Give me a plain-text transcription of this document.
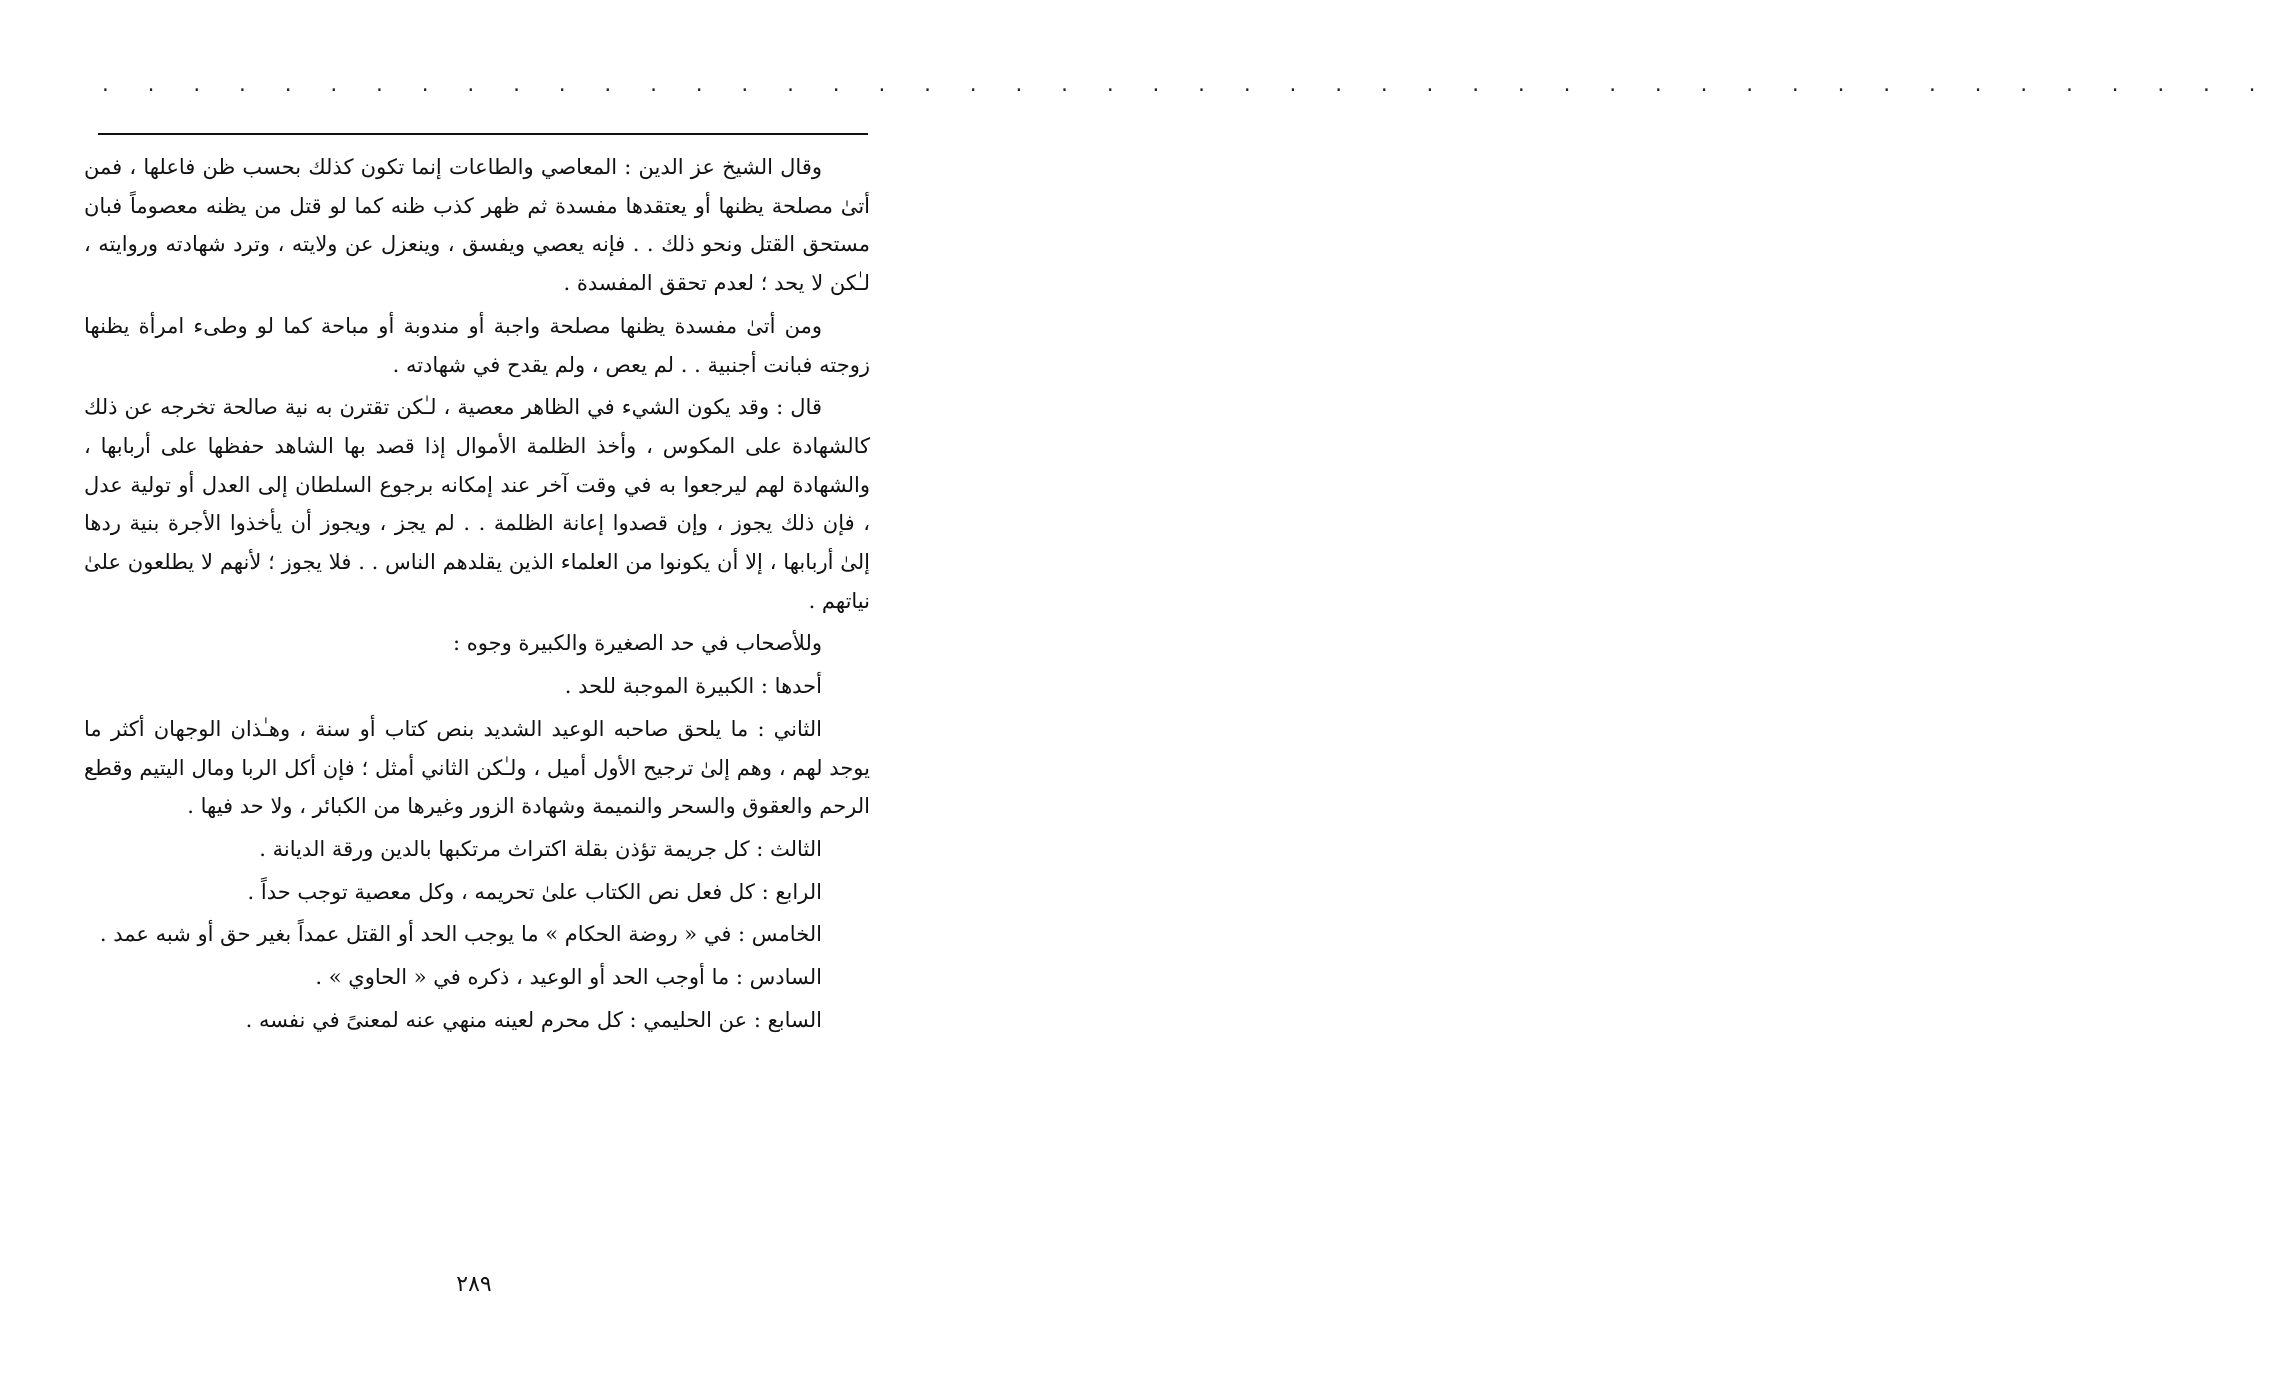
· · · · · · · · · · · · · · · · · · · · · · · · · · · · · · · · · · · · · · · · · · · · · · · ·

وقال الشيخ عز الدين : المعاصي والطاعات إنما تكون كذلك بحسب ظن فاعلها ، فمن أتىٰ مصلحة يظنها أو يعتقدها مفسدة ثم ظهر كذب ظنه كما لو قتل من يظنه معصوماً فبان مستحق القتل ونحو ذلك . . فإنه يعصي ويفسق ، وينعزل عن ولايته ، وترد شهادته وروايته ، لـٰكن لا يحد ؛ لعدم تحقق المفسدة .

ومن أتىٰ مفسدة يظنها مصلحة واجبة أو مندوبة أو مباحة كما لو وطىء امرأة يظنها زوجته فبانت أجنبية . . لم يعص ، ولم يقدح في شهادته .

قال : وقد يكون الشيء في الظاهر معصية ، لـٰكن تقترن به نية صالحة تخرجه عن ذلك كالشهادة على المكوس ، وأخذ الظلمة الأموال إذا قصد بها الشاهد حفظها على أربابها ، والشهادة لهم ليرجعوا به في وقت آخر عند إمكانه برجوع السلطان إلى العدل أو تولية عدل ، فإن ذلك يجوز ، وإن قصدوا إعانة الظلمة . . لم يجز ، ويجوز أن يأخذوا الأجرة بنية ردها إلىٰ أربابها ، إلا أن يكونوا من العلماء الذين يقلدهم الناس . . فلا يجوز ؛ لأنهم لا يطلعون علىٰ نياتهم .

وللأصحاب في حد الصغيرة والكبيرة وجوه :

أحدها : الكبيرة الموجبة للحد .

الثاني : ما يلحق صاحبه الوعيد الشديد بنص كتاب أو سنة ، وهـٰذان الوجهان أكثر ما يوجد لهم ، وهم إلىٰ ترجيح الأول أميل ، ولـٰكن الثاني أمثل ؛ فإن أكل الربا ومال اليتيم وقطع الرحم والعقوق والسحر والنميمة وشهادة الزور وغيرها من الكبائر ، ولا حد فيها .

الثالث : كل جريمة تؤذن بقلة اكتراث مرتكبها بالدين ورقة الديانة .

الرابع : كل فعل نص الكتاب علىٰ تحريمه ، وكل معصية توجب حداً .

الخامس : في « روضة الحكام » ما يوجب الحد أو القتل عمداً بغير حق أو شبه عمد .

السادس : ما أوجب الحد أو الوعيد ، ذكره في « الحاوي » .

السابع : عن الحليمي : كل محرم لعينه منهي عنه لمعنىً في نفسه .

٢٨٩
